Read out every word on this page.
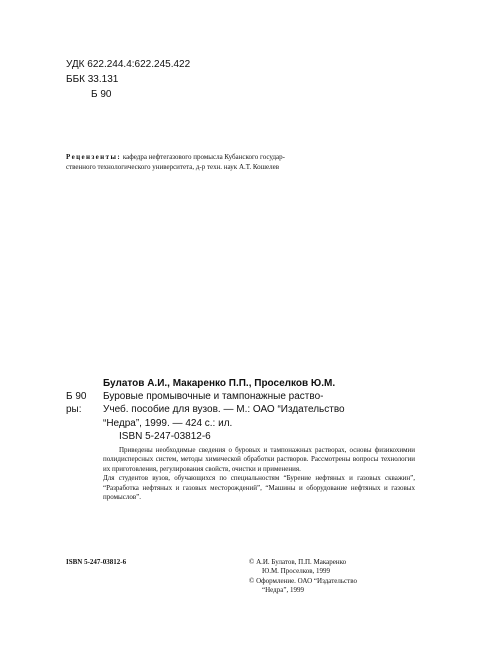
УДК 622.244.4:622.245.422
ББК 33.131
Б 90
Рецензенты: кафедра нефтегазового промысла Кубанского государ-
ственного технологического университета, д-р техн. наук А.Т. Кошелев
Булатов А.И., Макаренко П.П., Проселков Ю.М.
Б 90	Буровые промывочные и тампонажные раство-
ры:	Учеб. пособие для вузов. — М.: ОАО “Издательство
“Недра”, 1999. — 424 с.: ил.
ISBN 5-247-03812-6

Приведены необходимые сведения о буровых и тампонажных растворах, основы физикохимии полидисперсных систем, методы химической обработки растворов. Рассмотрены вопросы технологии их приготовления, регулирования свойств, очистки и применения.

Для студентов вузов, обучающихся по специальностям “Бурение нефтяных и газовых скважин”, “Разработка нефтяных и газовых месторождений”, “Машины и оборудование нефтяных и газовых промыслов”.

ISBN 5-247-03812-6	© А.И. Булатов, П.П. Макаренко
Ю.М. Проселков, 1999
© Оформление. ОАО “Издательство
“Недра”, 1999
